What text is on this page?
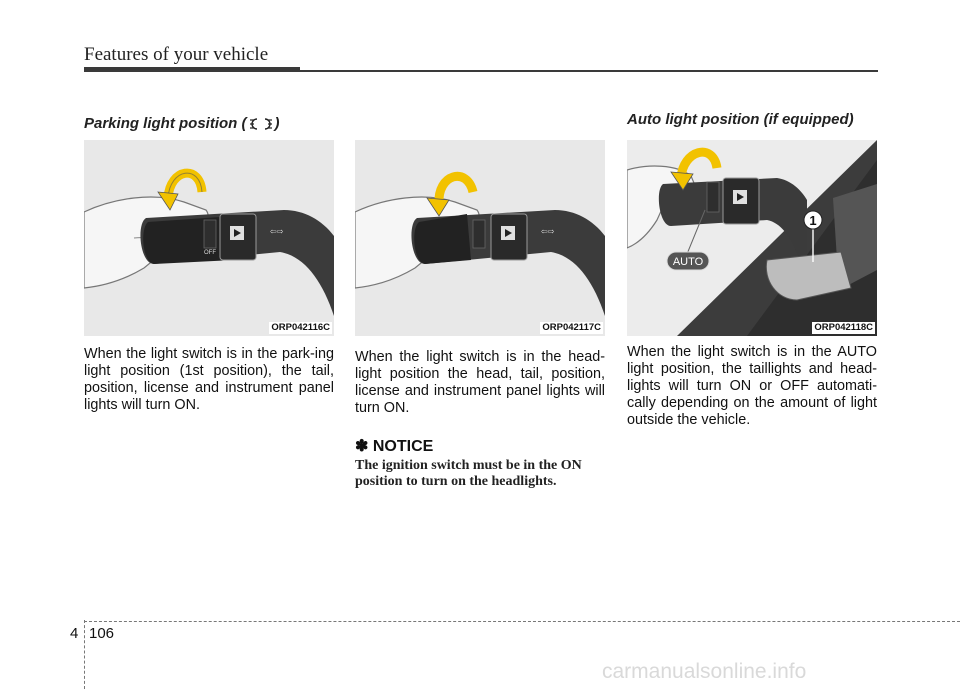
Features of your vehicle
Parking light position ( )	Auto light position (if equipped)
OFF
⇦⇨
ORP042116C
⇦⇨
ORP042117C
1
AUTO
ORP042118C
When the light switch is in the park-ing light position (1st position), the tail, position, license and instrument panel lights will turn ON.
When the light switch is in the head-light position the head, tail, position, license and instrument panel lights will turn ON.
When the light switch is in the AUTO light position, the taillights and head-lights will turn ON or OFF automati-cally depending on the amount of light outside the vehicle.
✽ NOTICE
The ignition switch must be in the ON position to turn on the headlights.
4 106
carmanualsonline.info
